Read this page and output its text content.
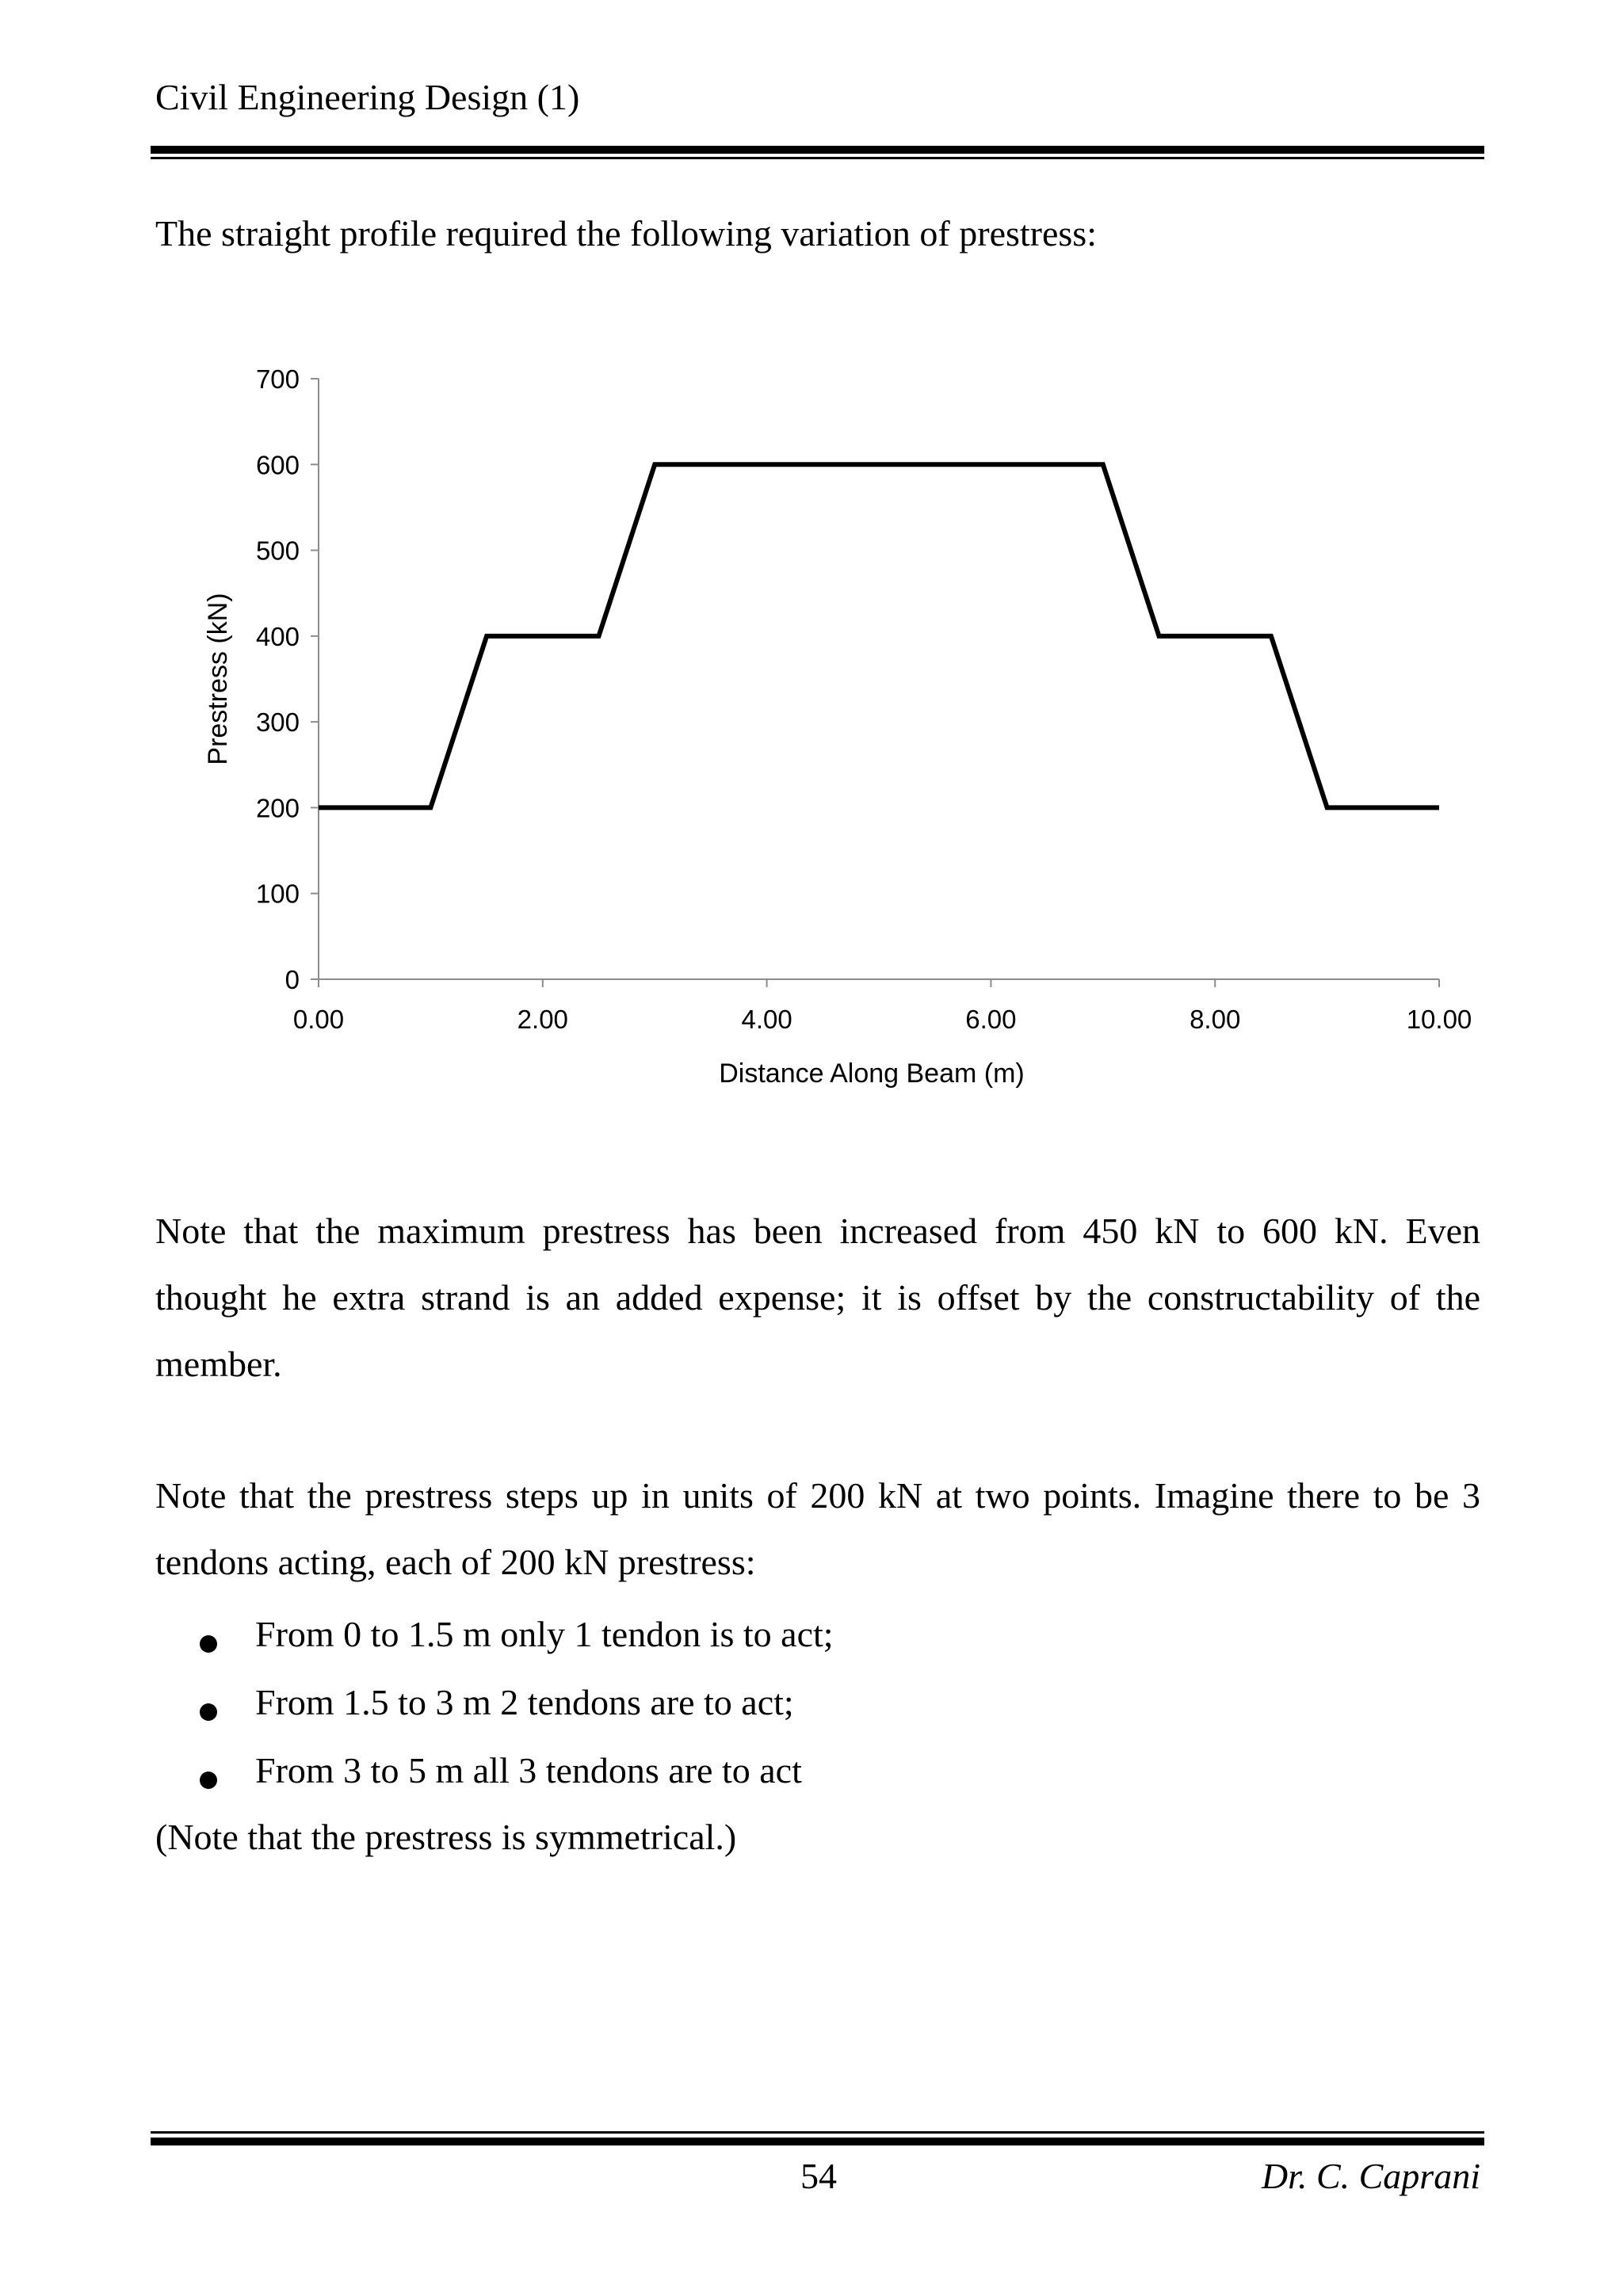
Civil Engineering Design (1)
The straight profile required the following variation of prestress:
0
100
200
300
400
500
600
700
0.00	2.00	4.00	6.00	8.00	10.00
Distance Along Beam (m)
Prestress (kN)
Note that the maximum prestress has been increased from 450 kN to 600 kN. Even thought he extra strand is an added expense; it is offset by the constructability of the member.
Note that the prestress steps up in units of 200 kN at two points. Imagine there to be 3 tendons acting, each of 200 kN prestress:
From 0 to 1.5 m only 1 tendon is to act;
From 1.5 to 3 m 2 tendons are to act;
From 3 to 5 m all 3 tendons are to act
(Note that the prestress is symmetrical.)
54	Dr. C. Caprani
